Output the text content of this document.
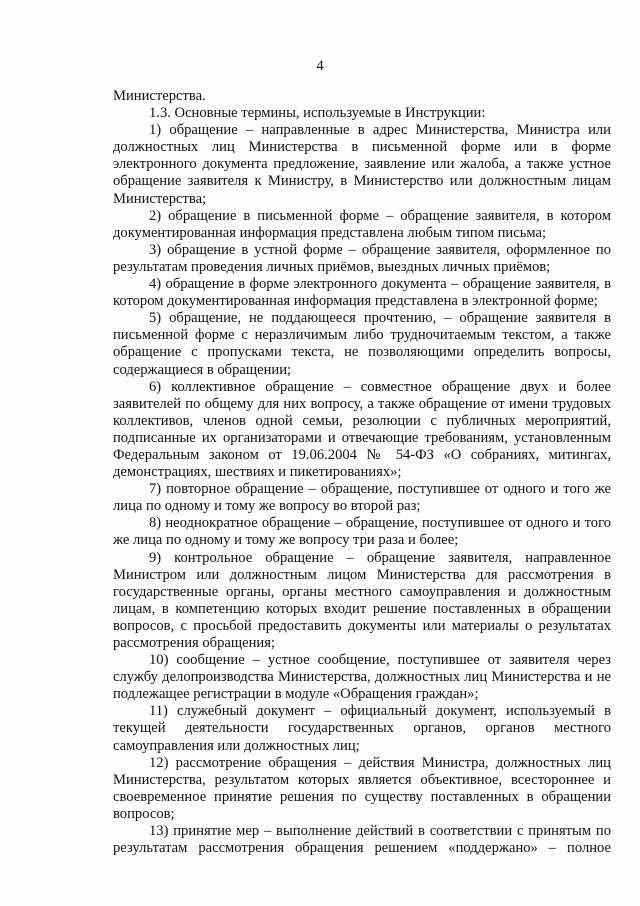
4

Министерства.

1.3. Основные термины, используемые в Инструкции:

1) обращение – направленные в адрес Министерства, Министра или должностных лиц Министерства в письменной форме или в форме электронного документа предложение, заявление или жалоба, а также устное обращение заявителя к Министру, в Министерство или должностным лицам Министерства;

2) обращение в письменной форме – обращение заявителя, в котором документированная информация представлена любым типом письма;

3) обращение в устной форме – обращение заявителя, оформленное по результатам проведения личных приёмов, выездных личных приёмов;

4) обращение в форме электронного документа – обращение заявителя, в котором документированная информация представлена в электронной форме;

5) обращение, не поддающееся прочтению, – обращение заявителя в письменной форме с неразличимым либо трудночитаемым текстом, а также обращение с пропусками текста, не позволяющими определить вопросы, содержащиеся в обращении;

6) коллективное обращение – совместное обращение двух и более заявителей по общему для них вопросу, а также обращение от имени трудовых коллективов, членов одной семьи, резолюции с публичных мероприятий, подписанные их организаторами и отвечающие требованиям, установленным Федеральным законом от 19.06.2004 № 54-ФЗ «О собраниях, митингах, демонстрациях, шествиях и пикетированиях»;

7) повторное обращение – обращение, поступившее от одного и того же лица по одному и тому же вопросу во второй раз;

8) неоднократное обращение – обращение, поступившее от одного и того же лица по одному и тому же вопросу три раза и более;

9) контрольное обращение – обращение заявителя, направленное Министром или должностным лицом Министерства для рассмотрения в государственные органы, органы местного самоуправления и должностным лицам, в компетенцию которых входит решение поставленных в обращении вопросов, с просьбой предоставить документы или материалы о результатах рассмотрения обращения;

10) сообщение – устное сообщение, поступившее от заявителя через службу делопроизводства Министерства, должностных лиц Министерства и не подлежащее регистрации в модуле «Обращения граждан»;

11) служебный документ – официальный документ, используемый в текущей деятельности государственных органов, органов местного самоуправления или должностных лиц;

12) рассмотрение обращения – действия Министра, должностных лиц Министерства, результатом которых является объективное, всестороннее и своевременное принятие решения по существу поставленных в обращении вопросов;

13) принятие мер – выполнение действий в соответствии с принятым по результатам рассмотрения обращения решением «поддержано» – полное
